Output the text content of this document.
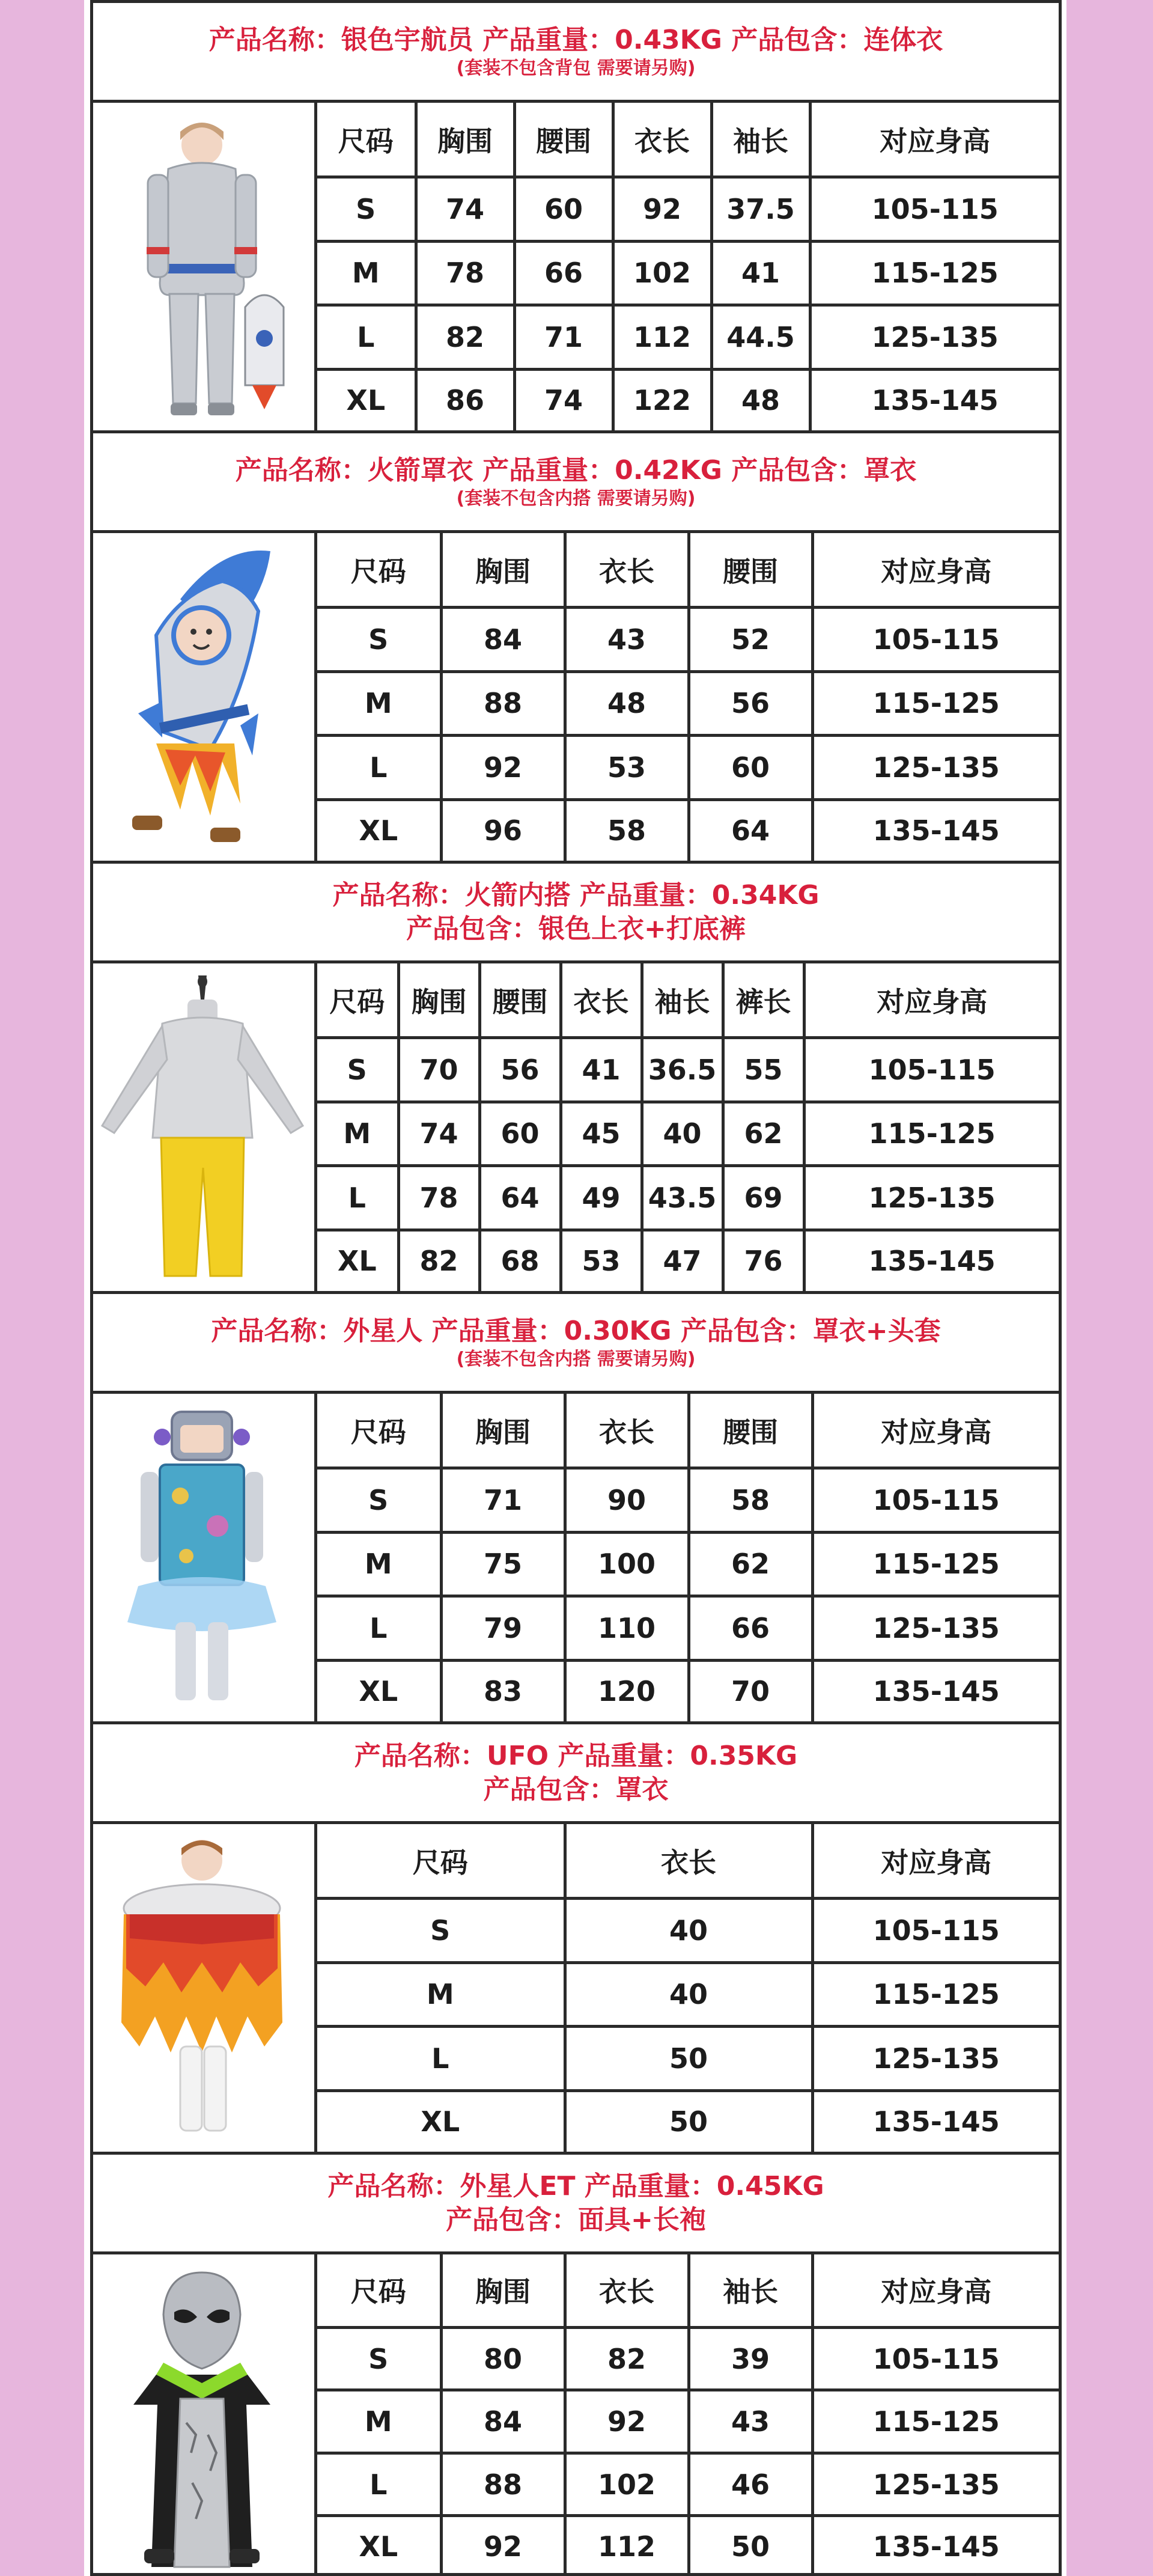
产品名称：银色宇航员 产品重量：0.43KG 产品包含：连体衣
(套装不包含背包 需要请另购)
尺码	胸围	腰围	衣长	袖长	对应身高
S	74	60	92	37.5	105-115
M	78	66	102	41	115-125
L	82	71	112	44.5	125-135
XL	86	74	122	48	135-145
产品名称：火箭罩衣 产品重量：0.42KG 产品包含：罩衣
(套装不包含内搭 需要请另购)
尺码	胸围	衣长	腰围	对应身高
S	84	43	52	105-115
M	88	48	56	115-125
L	92	53	60	125-135
XL	96	58	64	135-145
产品名称：火箭内搭 产品重量：0.34KG
产品包含：银色上衣+打底裤
尺码	胸围	腰围	衣长	袖长	裤长	对应身高
S	70	56	41	36.5	55	105-115
M	74	60	45	40	62	115-125
L	78	64	49	43.5	69	125-135
XL	82	68	53	47	76	135-145
产品名称：外星人 产品重量：0.30KG 产品包含：罩衣+头套
(套装不包含内搭 需要请另购)
尺码	胸围	衣长	腰围	对应身高
S	71	90	58	105-115
M	75	100	62	115-125
L	79	110	66	125-135
XL	83	120	70	135-145
产品名称：UFO 产品重量：0.35KG
产品包含：罩衣
尺码	衣长	对应身高
S	40	105-115
M	40	115-125
L	50	125-135
XL	50	135-145
产品名称：外星人ET 产品重量：0.45KG
产品包含：面具+长袍
尺码	胸围	衣长	袖长	对应身高
S	80	82	39	105-115
M	84	92	43	115-125
L	88	102	46	125-135
XL	92	112	50	135-145
